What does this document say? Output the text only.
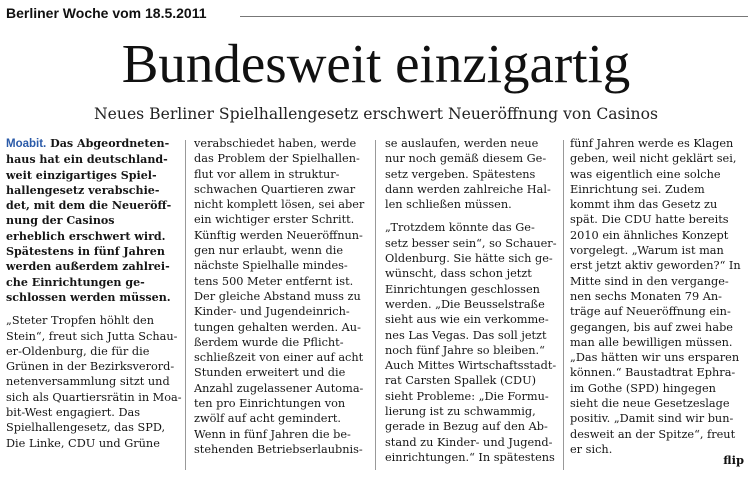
Berliner Woche vom 18.5.2011
Bundesweit einzigartig
Neues Berliner Spielhallengesetz erschwert Neueröffnung von Casinos
Moabit. Das Abgeordneten-
haus hat ein deutschland-
weit einzigartiges Spiel-
hallengesetz verabschie-
det, mit dem die Neueröff-
nung der Casinos
erheblich erschwert wird.
Spätestens in fünf Jahren
werden außerdem zahlrei-
che Einrichtungen ge-
schlossen werden müssen.
„Steter Tropfen höhlt den
Stein“, freut sich Jutta Schau-
er-Oldenburg, die für die
Grünen in der Bezirksverord-
netenversammlung sitzt und
sich als Quartiersrätin in Moa-
bit-West engagiert. Das
Spielhallengesetz, das SPD,
Die Linke, CDU und Grüne
verabschiedet haben, werde
das Problem der Spielhallen-
flut vor allem in struktur-
schwachen Quartieren zwar
nicht komplett lösen, sei aber
ein wichtiger erster Schritt.
Künftig werden Neueröffnun-
gen nur erlaubt, wenn die
nächste Spielhalle mindes-
tens 500 Meter entfernt ist.
Der gleiche Abstand muss zu
Kinder- und Jugendeinrich-
tungen gehalten werden. Au-
ßerdem wurde die Pflicht-
schließzeit von einer auf acht
Stunden erweitert und die
Anzahl zugelassener Automa-
ten pro Einrichtungen von
zwölf auf acht gemindert.
Wenn in fünf Jahren die be-
stehenden Betriebserlaubnis-
se auslaufen, werden neue
nur noch gemäß diesem Ge-
setz vergeben. Spätestens
dann werden zahlreiche Hal-
len schließen müssen.
„Trotzdem könnte das Ge-
setz besser sein“, so Schauer-
Oldenburg. Sie hätte sich ge-
wünscht, dass schon jetzt
Einrichtungen geschlossen
werden. „Die Beusselstraße
sieht aus wie ein verkomme-
nes Las Vegas. Das soll jetzt
noch fünf Jahre so bleiben.“
Auch Mittes Wirtschaftsstadt-
rat Carsten Spallek (CDU)
sieht Probleme: „Die Formu-
lierung ist zu schwammig,
gerade in Bezug auf den Ab-
stand zu Kinder- und Jugend-
einrichtungen.“ In spätestens
fünf Jahren werde es Klagen
geben, weil nicht geklärt sei,
was eigentlich eine solche
Einrichtung sei. Zudem
kommt ihm das Gesetz zu
spät. Die CDU hatte bereits
2010 ein ähnliches Konzept
vorgelegt. „Warum ist man
erst jetzt aktiv geworden?“ In
Mitte sind in den vergange-
nen sechs Monaten 79 An-
träge auf Neueröffnung ein-
gegangen, bis auf zwei habe
man alle bewilligen müssen.
„Das hätten wir uns ersparen
können.“ Baustadtrat Ephra-
im Gothe (SPD) hingegen
sieht die neue Gesetzeslage
positiv. „Damit sind wir bun-
desweit an der Spitze“, freut
er sich.
flip
